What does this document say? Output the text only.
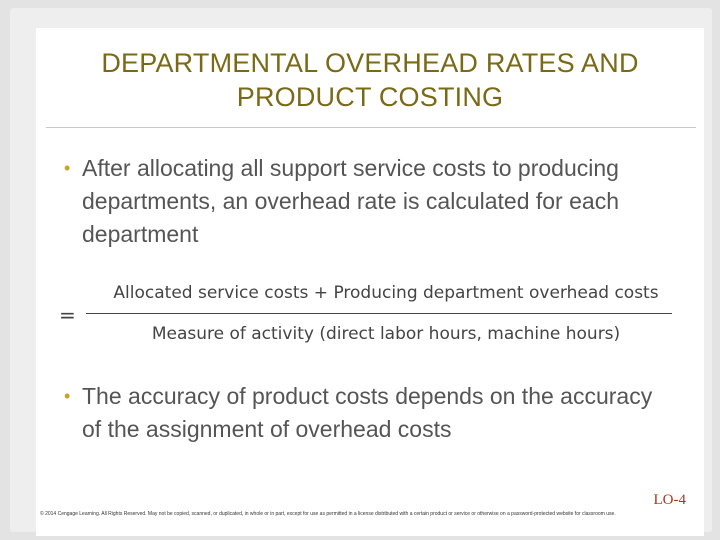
DEPARTMENTAL OVERHEAD RATES AND
PRODUCT COSTING
• After allocating all support service costs to producing departments, an overhead rate is calculated for each department
=
Allocated service costs + Producing department overhead costs
Measure of activity (direct labor hours, machine hours)
• The accuracy of product costs depends on the accuracy of the assignment of overhead costs
LO-4
© 2014 Cengage Learning. All Rights Reserved. May not be copied, scanned, or duplicated, in whole or in part, except for use as permitted in a license distributed with a certain product or service or otherwise on a password-protected website for classroom use.
